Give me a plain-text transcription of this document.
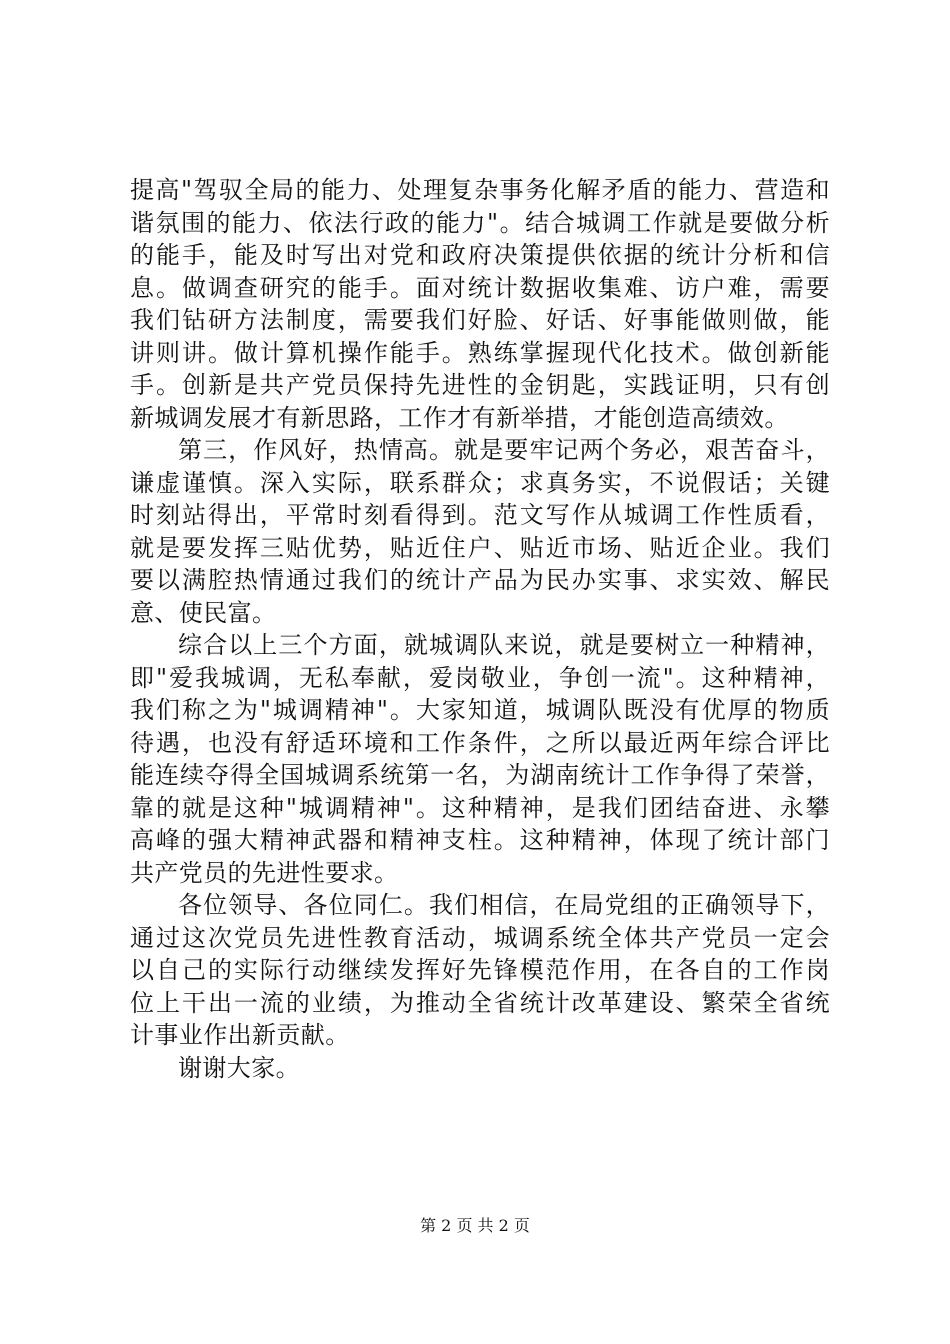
提高"驾驭全局的能力、处理复杂事务化解矛盾的能力、营造和
谐氛围的能力、依法行政的能力"。结合城调工作就是要做分析
的能手，能及时写出对党和政府决策提供依据的统计分析和信
息。做调查研究的能手。面对统计数据收集难、访户难，需要
我们钻研方法制度，需要我们好脸、好话、好事能做则做，能
讲则讲。做计算机操作能手。熟练掌握现代化技术。做创新能
手。创新是共产党员保持先进性的金钥匙，实践证明，只有创
新城调发展才有新思路，工作才有新举措，才能创造高绩效。
第三，作风好，热情高。就是要牢记两个务必，艰苦奋斗，
谦虚谨慎。深入实际，联系群众；求真务实，不说假话；关键
时刻站得出，平常时刻看得到。范文写作从城调工作性质看，
就是要发挥三贴优势，贴近住户、贴近市场、贴近企业。我们
要以满腔热情通过我们的统计产品为民办实事、求实效、解民
意、使民富。
综合以上三个方面，就城调队来说，就是要树立一种精神，
即"爱我城调，无私奉献，爱岗敬业，争创一流"。这种精神，
我们称之为"城调精神"。大家知道，城调队既没有优厚的物质
待遇，也没有舒适环境和工作条件，之所以最近两年综合评比
能连续夺得全国城调系统第一名，为湖南统计工作争得了荣誉，
靠的就是这种"城调精神"。这种精神，是我们团结奋进、永攀
高峰的强大精神武器和精神支柱。这种精神，体现了统计部门
共产党员的先进性要求。
各位领导、各位同仁。我们相信，在局党组的正确领导下，
通过这次党员先进性教育活动，城调系统全体共产党员一定会
以自己的实际行动继续发挥好先锋模范作用，在各自的工作岗
位上干出一流的业绩，为推动全省统计改革建设、繁荣全省统
计事业作出新贡献。
谢谢大家。
第 2 页 共 2 页
